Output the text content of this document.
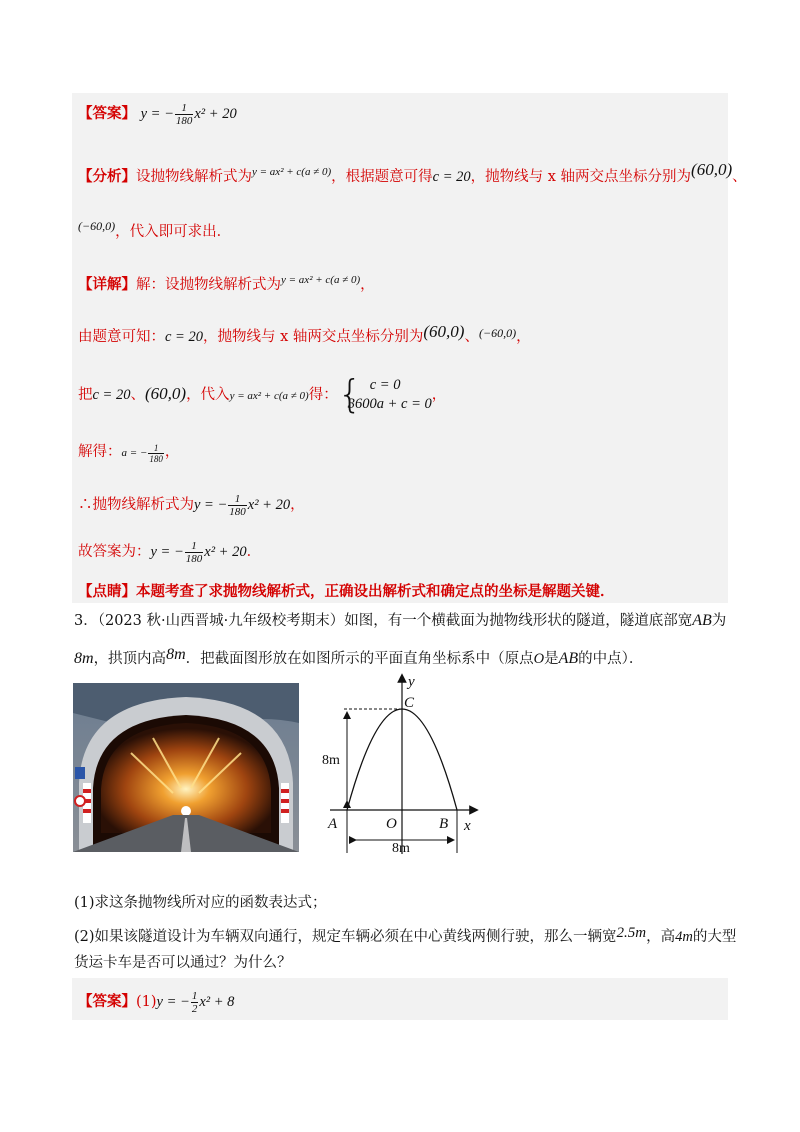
【答案】 y = − $\frac{1}{180} x^2 + 20$
【分析】设抛物线解析式为$^{y = ax^2 + c(a \ne 0)}$，根据题意可得c = 20，抛物线与 x 轴两交点坐标分别为(60,0)、
$^{(-60,0)}$，代入即可求出．
【详解】解：设抛物线解析式为$^{y = ax^2 + c(a \ne 0)}$，
由题意可知：c = 20，抛物线与 x 轴两交点坐标分别为(60,0)、$^{(-60,0)}$，
把c = 20、(60,0)，代入y = ax² + c(a ≠ 0)得： { c = 0
3600a + c = 0
，
解得：a = − $\frac{1}{180}$ ，
∴抛物线解析式为y = − $\frac{1}{180} x^2 + 20$，
故答案为：y = − $\frac{1}{180} x^2 + 20$．
【点睛】本题考查了求抛物线解析式，正确设出解析式和确定点的坐标是解题关键．
3．（2023 秋·山西晋城·九年级校考期末）如图，有一个横截面为抛物线形状的隧道，隧道底部宽AB为
8m，拱顶内高8m．把截面图形放在如图所示的平面直角坐标系中（原点O是AB的中点）．
y
x
C
A	O	B
8m
8m
(1)求这条抛物线所对应的函数表达式；
(2)如果该隧道设计为车辆双向通行，规定车辆必须在中心黄线两侧行驶，那么一辆宽2.5m，高4m的大型
货运卡车是否可以通过？为什么？
【答案】(1)y = − $\frac{1}{2} x^2 + 8$
